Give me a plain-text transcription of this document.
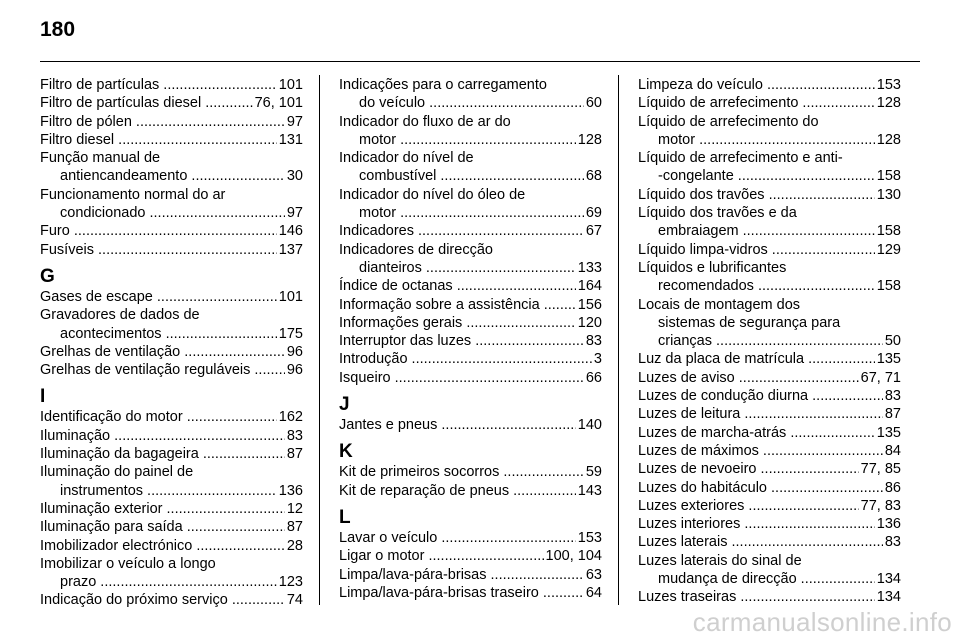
180
Filtro de partículas .....	101
Filtro de partículas diesel .....	76, 101
Filtro de pólen .....	97
Filtro diesel .....	131
Função manual de
antiencandeamento .....	30
Funcionamento normal do ar
condicionado .....	97
Furo .....	146
Fusíveis .....	137
G
Gases de escape .....	101
Gravadores de dados de
acontecimentos .....	175
Grelhas de ventilação .....	96
Grelhas de ventilação reguláveis .....	96
I
Identificação do motor .....	162
Iluminação .....	83
Iluminação da bagageira .....	87
Iluminação do painel de
instrumentos .....	136
Iluminação exterior .....	12
Iluminação para saída .....	87
Imobilizador electrónico .....	28
Imobilizar o veículo a longo
prazo .....	123
Indicação do próximo serviço .....	74
Indicações para o carregamento
do veículo .....	60
Indicador do fluxo de ar do
motor .....	128
Indicador do nível de
combustível .....	68
Indicador do nível do óleo de
motor .....	69
Indicadores .....	67
Indicadores de direcção
dianteiros .....	133
Índice de octanas .....	164
Informação sobre a assistência .....	156
Informações gerais .....	120
Interruptor das luzes .....	83
Introdução .....	3
Isqueiro .....	66
J
Jantes e pneus .....	140
K
Kit de primeiros socorros .....	59
Kit de reparação de pneus .....	143
L
Lavar o veículo .....	153
Ligar o motor .....	100, 104
Limpa/lava-pára-brisas .....	63
Limpa/lava-pára-brisas traseiro .....	64
Limpeza do veículo .....	153
Líquido de arrefecimento .....	128
Líquido de arrefecimento do
motor .....	128
Líquido de arrefecimento e anti-
-congelante .....	158
Líquido dos travões .....	130
Líquido dos travões e da
embraiagem .....	158
Líquido limpa-vidros .....	129
Líquidos e lubrificantes
recomendados .....	158
Locais de montagem dos
sistemas de segurança para
crianças .....	50
Luz da placa de matrícula .....	135
Luzes de aviso .....	67, 71
Luzes de condução diurna .....	83
Luzes de leitura .....	87
Luzes de marcha-atrás .....	135
Luzes de máximos .....	84
Luzes de nevoeiro .....	77, 85
Luzes do habitáculo .....	86
Luzes exteriores .....	77, 83
Luzes interiores .....	136
Luzes laterais .....	83
Luzes laterais do sinal de
mudança de direcção .....	134
Luzes traseiras .....	134
carmanualsonline.info
